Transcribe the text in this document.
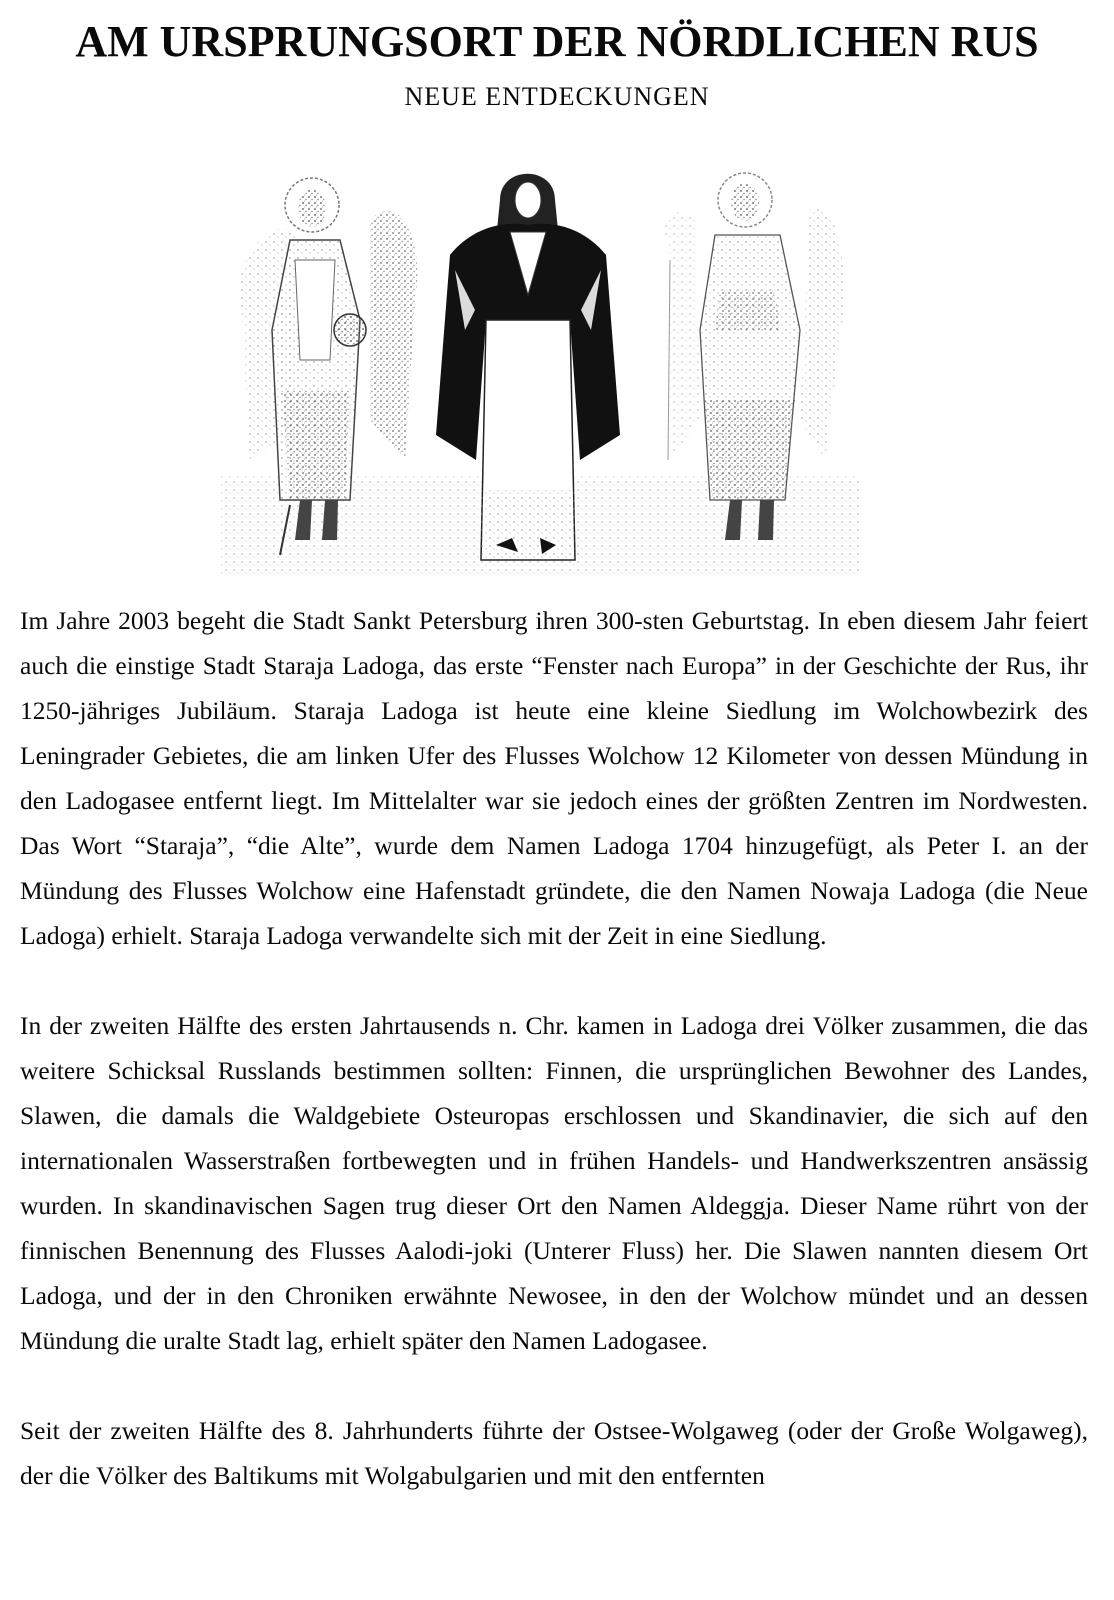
AM URSPRUNGSORT DER NÖRDLICHEN RUS
NEUE ENTDECKUNGEN

Im Jahre 2003 begeht die Stadt Sankt Petersburg ihren 300-sten Geburtstag. In eben diesem Jahr feiert auch die einstige Stadt Staraja Ladoga, das erste “Fenster nach Europa” in der Geschichte der Rus, ihr 1250-jähriges Jubiläum. Staraja Ladoga ist heute eine kleine Siedlung im Wolchowbezirk des Leningrader Gebietes, die am linken Ufer des Flusses Wolchow 12 Kilometer von dessen Mündung in den Ladogasee entfernt liegt. Im Mittelalter war sie jedoch eines der größten Zentren im Nordwesten. Das Wort “Staraja”, “die Alte”, wurde dem Namen Ladoga 1704 hinzugefügt, als Peter I. an der Mündung des Flusses Wolchow eine Hafenstadt gründete, die den Namen Nowaja Ladoga (die Neue Ladoga) erhielt. Staraja Ladoga verwandelte sich mit der Zeit in eine Siedlung.

In der zweiten Hälfte des ersten Jahrtausends n. Chr. kamen in Ladoga drei Völker zusammen, die das weitere Schicksal Russlands bestimmen sollten: Finnen, die ursprünglichen Bewohner des Landes, Slawen, die damals die Waldgebiete Osteuropas erschlossen und Skandinavier, die sich auf den internationalen Wasserstraßen fortbewegten und in frühen Handels- und Handwerkszentren ansässig wurden. In skandinavischen Sagen trug dieser Ort den Namen Aldeggja. Dieser Name rührt von der finnischen Benennung des Flusses Aalodi-joki (Unterer Fluss) her. Die Slawen nannten diesem Ort Ladoga, und der in den Chroniken erwähnte Newosee, in den der Wolchow mündet und an dessen Mündung die uralte Stadt lag, erhielt später den Namen Ladogasee.

Seit der zweiten Hälfte des 8. Jahrhunderts führte der Ostsee-Wolgaweg (oder der Große Wolgaweg), der die Völker des Baltikums mit Wolgabulgarien und mit den entfernten
